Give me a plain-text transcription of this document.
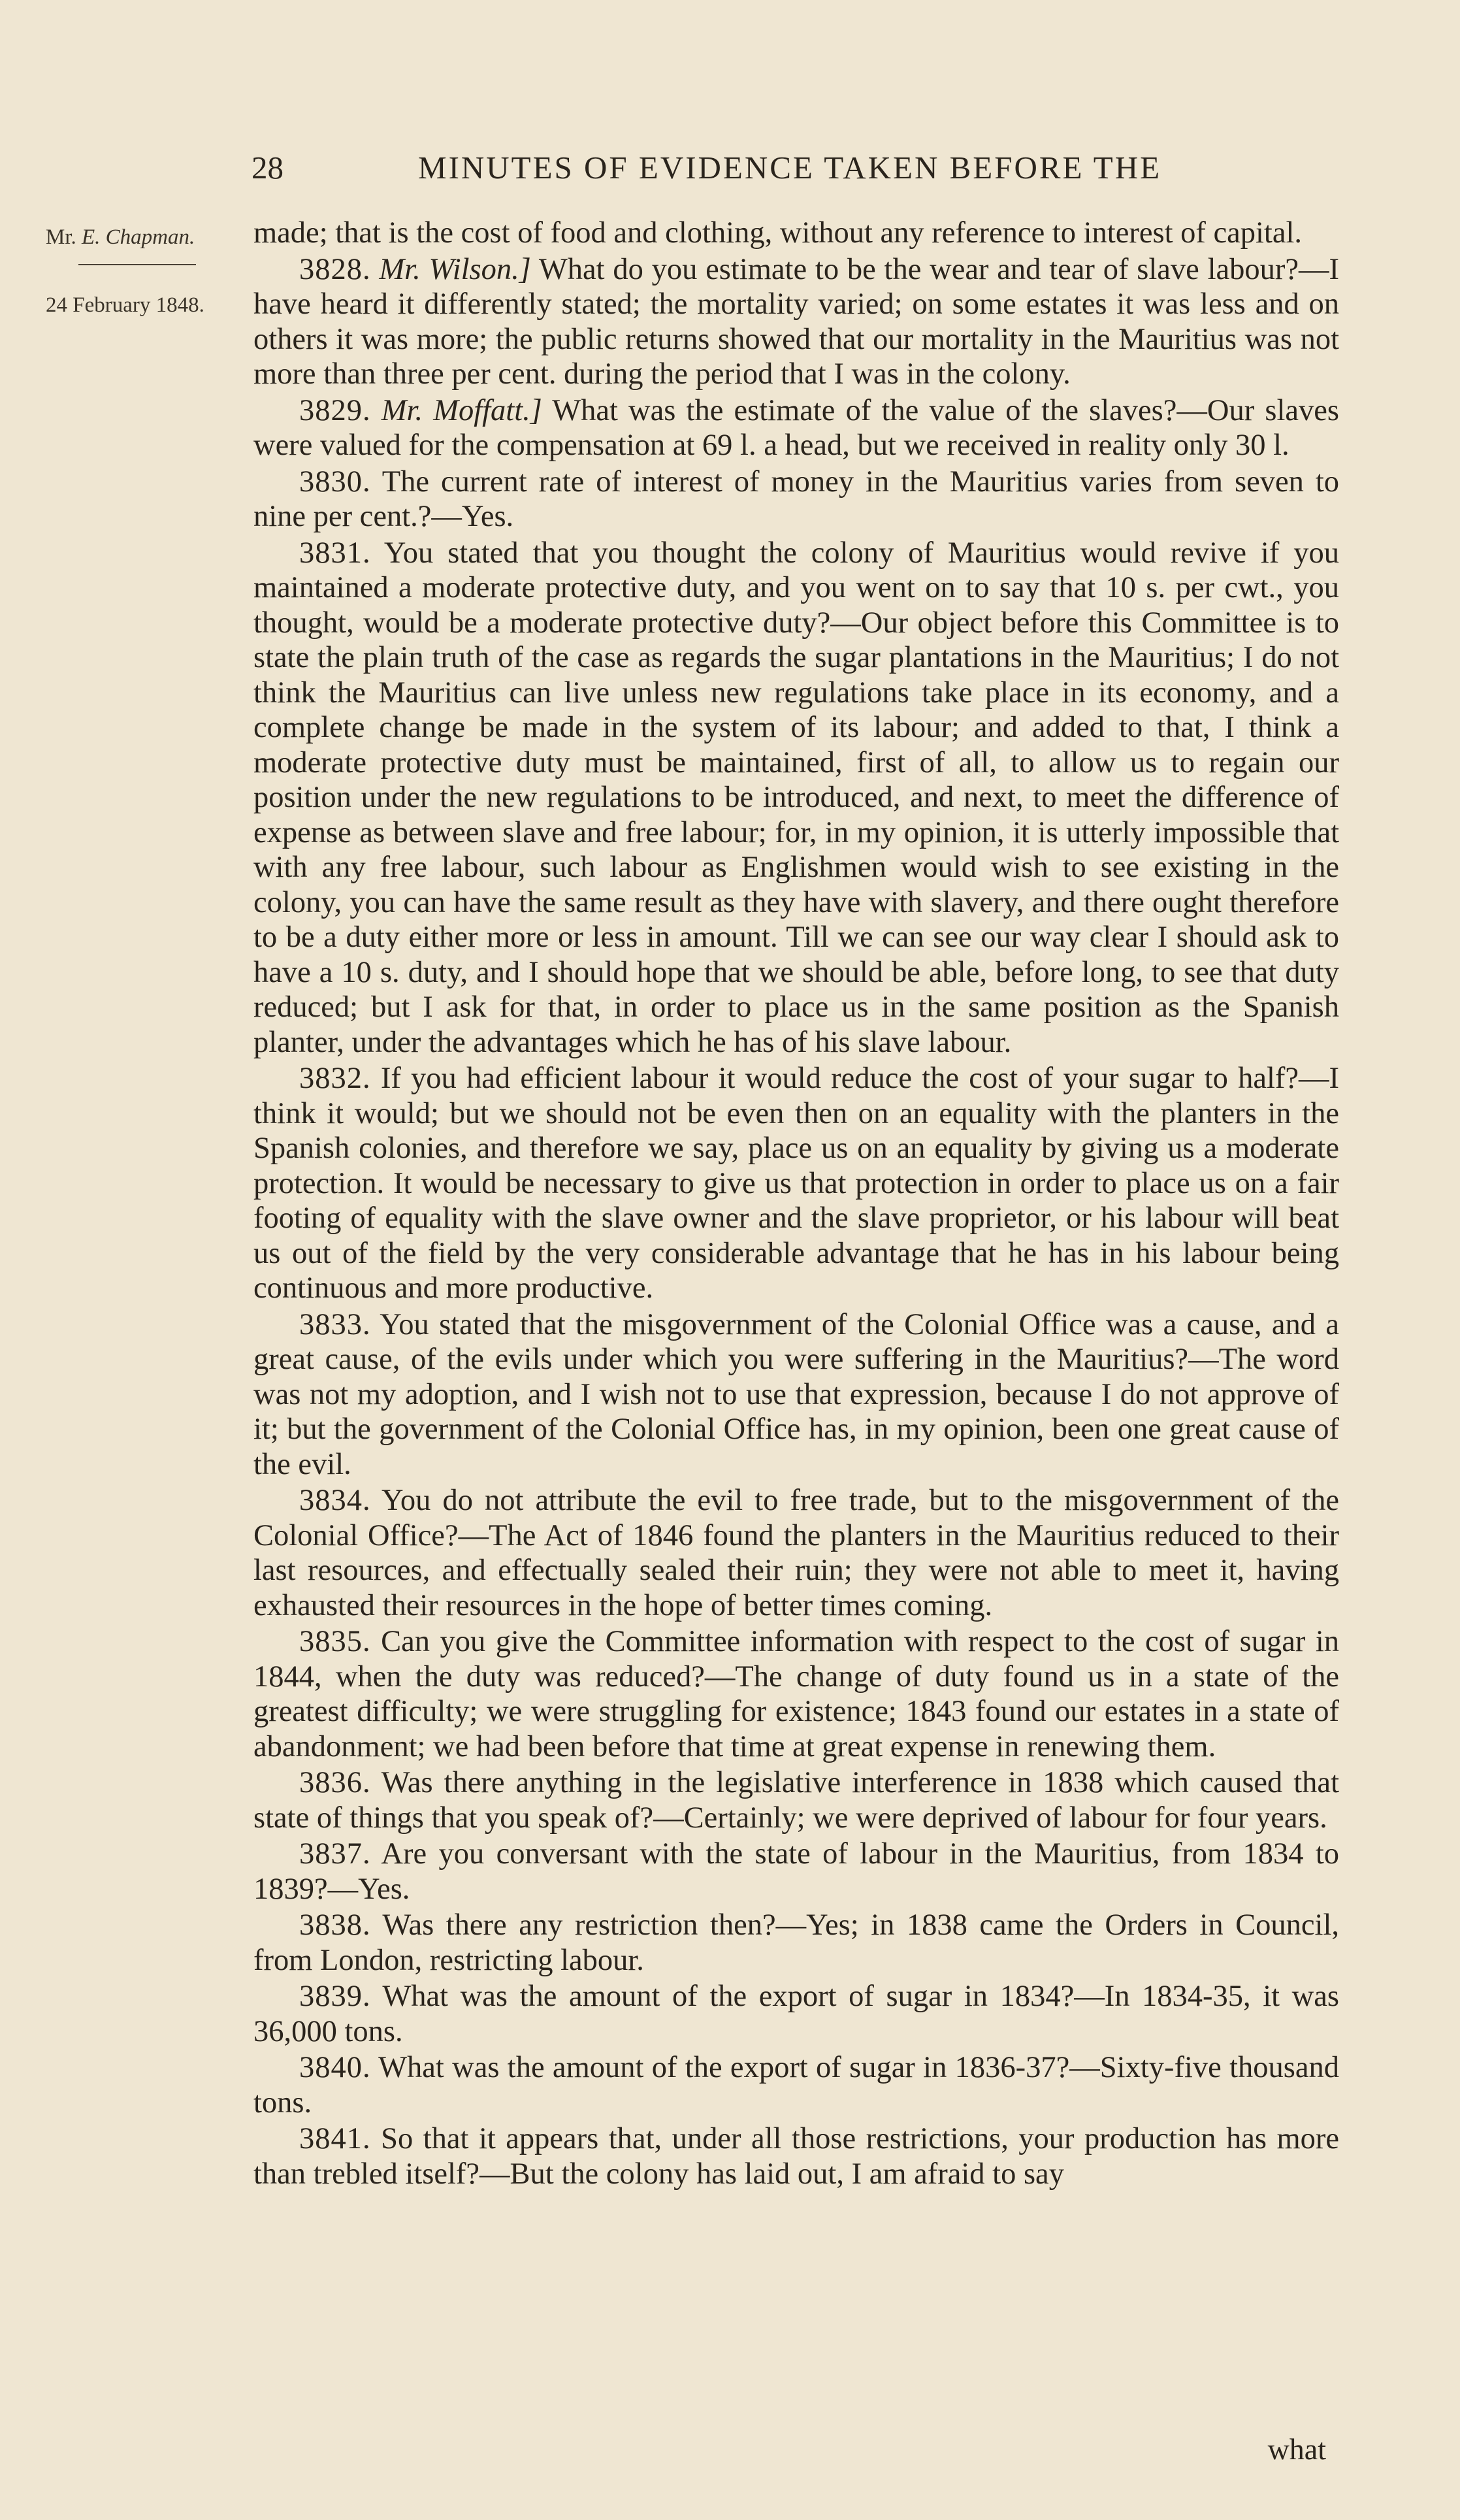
28	MINUTES OF EVIDENCE TAKEN BEFORE THE
Mr. E. Chapman.
24 February 1848.

made; that is the cost of food and clothing, without any reference to interest of capital.

3828. Mr. Wilson.] What do you estimate to be the wear and tear of slave labour?—I have heard it differently stated; the mortality varied; on some estates it was less and on others it was more; the public returns showed that our mortality in the Mauritius was not more than three per cent. during the period that I was in the colony.

3829. Mr. Moffatt.] What was the estimate of the value of the slaves?—Our slaves were valued for the compensation at 69 l. a head, but we received in reality only 30 l.

3830. The current rate of interest of money in the Mauritius varies from seven to nine per cent.?—Yes.

3831. You stated that you thought the colony of Mauritius would revive if you maintained a moderate protective duty, and you went on to say that 10 s. per cwt., you thought, would be a moderate protective duty?—Our object before this Committee is to state the plain truth of the case as regards the sugar plantations in the Mauritius; I do not think the Mauritius can live unless new regulations take place in its economy, and a complete change be made in the system of its labour; and added to that, I think a moderate protective duty must be maintained, first of all, to allow us to regain our position under the new regulations to be introduced, and next, to meet the difference of expense as between slave and free labour; for, in my opinion, it is utterly impossible that with any free labour, such labour as Englishmen would wish to see existing in the colony, you can have the same result as they have with slavery, and there ought therefore to be a duty either more or less in amount. Till we can see our way clear I should ask to have a 10 s. duty, and I should hope that we should be able, before long, to see that duty reduced; but I ask for that, in order to place us in the same position as the Spanish planter, under the advantages which he has of his slave labour.

3832. If you had efficient labour it would reduce the cost of your sugar to half?—I think it would; but we should not be even then on an equality with the planters in the Spanish colonies, and therefore we say, place us on an equality by giving us a moderate protection. It would be necessary to give us that protection in order to place us on a fair footing of equality with the slave owner and the slave proprietor, or his labour will beat us out of the field by the very considerable advantage that he has in his labour being continuous and more productive.

3833. You stated that the misgovernment of the Colonial Office was a cause, and a great cause, of the evils under which you were suffering in the Mauritius?—The word was not my adoption, and I wish not to use that expression, because I do not approve of it; but the government of the Colonial Office has, in my opinion, been one great cause of the evil.

3834. You do not attribute the evil to free trade, but to the misgovernment of the Colonial Office?—The Act of 1846 found the planters in the Mauritius reduced to their last resources, and effectually sealed their ruin; they were not able to meet it, having exhausted their resources in the hope of better times coming.

3835. Can you give the Committee information with respect to the cost of sugar in 1844, when the duty was reduced?—The change of duty found us in a state of the greatest difficulty; we were struggling for existence; 1843 found our estates in a state of abandonment; we had been before that time at great expense in renewing them.

3836. Was there anything in the legislative interference in 1838 which caused that state of things that you speak of?—Certainly; we were deprived of labour for four years.

3837. Are you conversant with the state of labour in the Mauritius, from 1834 to 1839?—Yes.

3838. Was there any restriction then?—Yes; in 1838 came the Orders in Council, from London, restricting labour.

3839. What was the amount of the export of sugar in 1834?—In 1834-35, it was 36,000 tons.

3840. What was the amount of the export of sugar in 1836-37?—Sixty-five thousand tons.

3841. So that it appears that, under all those restrictions, your production has more than trebled itself?—But the colony has laid out, I am afraid to say

what
